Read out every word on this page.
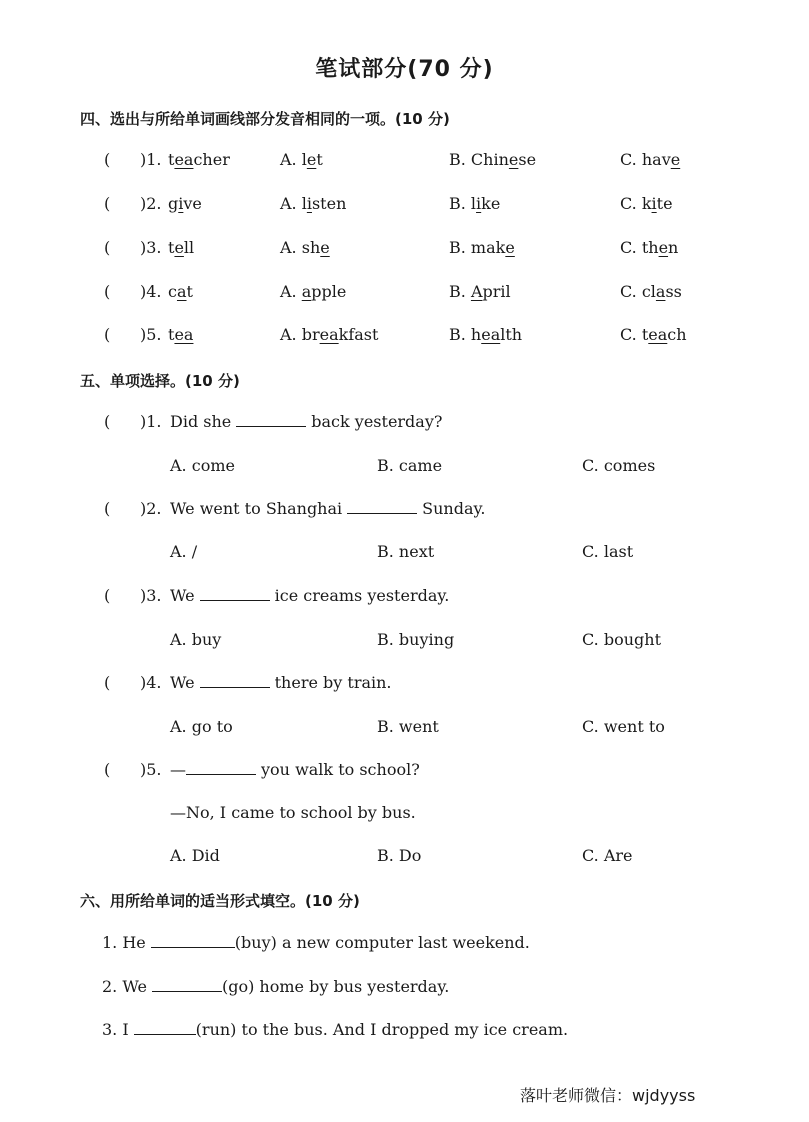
笔试部分(70 分)
四、选出与所给单词画线部分发音相同的一项。(10 分)
( )1. teacher	A. let	B. Chinese	C. have
( )2. give	A. listen	B. like	C. kite
( )3. tell	A. she	B. make	C. then
( )4. cat	A. apple	B. April	C. class
( )5. tea	A. breakfast	B. health	C. teach
五、单项选择。(10 分)
( )1. Did she	back yesterday?
A. come	B. came	C. comes
( )2. We went to Shanghai	Sunday.
A. /	B. next	C. last
( )3. We	ice creams yesterday.
A. buy	B. buying	C. bought
( )4. We	there by train.
A. go to	B. went	C. went to
( )5. —	you walk to school?
—No, I came to school by bus.
A. Did	B. Do	C. Are
六、用所给单词的适当形式填空。(10 分)
1. He	(buy) a new computer last weekend.
2. We	(go) home by bus yesterday.
3. I	(run) to the bus. And I dropped my ice cream.
落叶老师微信：wjdyyss
